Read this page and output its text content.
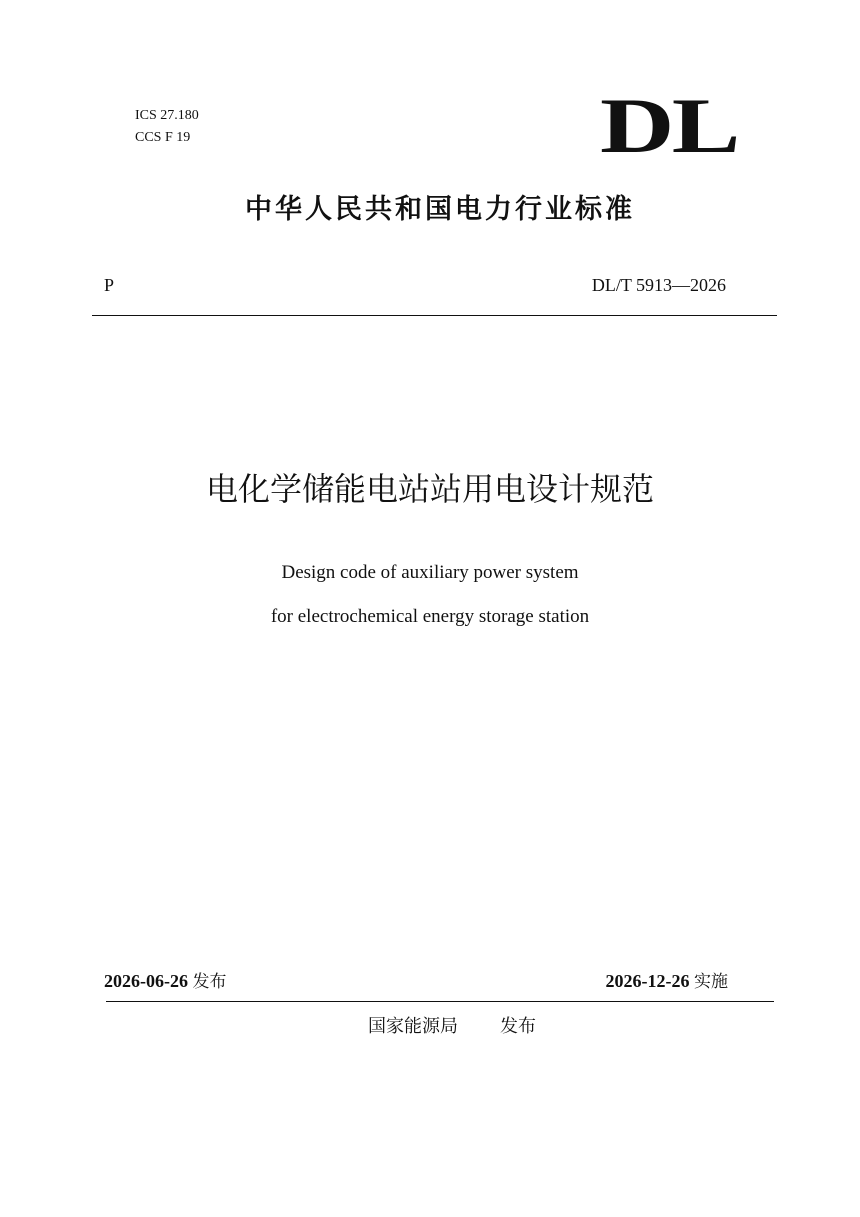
ICS 27.180
CCS F 19	DL
中华人民共和国电力行业标准
P	DL/T 5913—2026
电化学储能电站站用电设计规范
Design code of auxiliary power system
for electrochemical energy storage station
2026-06-26 发布	2026-12-26 实施
国家能源局 发布
